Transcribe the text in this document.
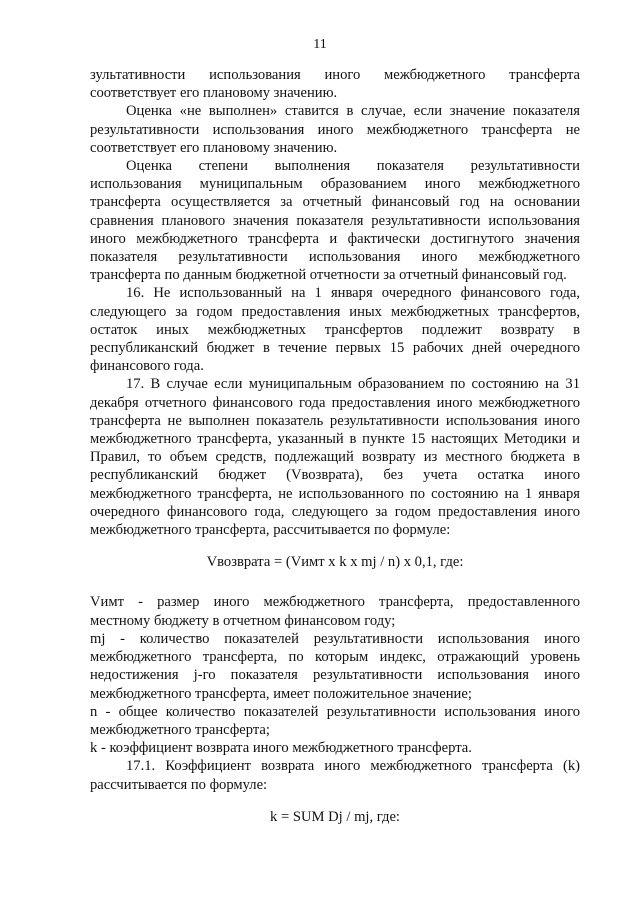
11

зультативности использования иного межбюджетного трансферта соответствует его плановому значению.

Оценка «не выполнен» ставится в случае, если значение показателя результативности использования иного межбюджетного трансферта не соответствует его плановому значению.

Оценка степени выполнения показателя результативности использования муниципальным образованием иного межбюджетного трансферта осуществляется за отчетный финансовый год на основании сравнения планового значения показателя результативности использования иного межбюджетного трансферта и фактически достигнутого значения показателя результативности использования иного межбюджетного трансферта по данным бюджетной отчетности за отчетный финансовый год.

16. Не использованный на 1 января очередного финансового года, следующего за годом предоставления иных межбюджетных трансфертов, остаток иных межбюджетных трансфертов подлежит возврату в республиканский бюджет в течение первых 15 рабочих дней очередного финансового года.

17. В случае если муниципальным образованием по состоянию на 31 декабря отчетного финансового года предоставления иного межбюджетного трансферта не выполнен показатель результативности использования иного межбюджетного трансферта, указанный в пункте 15 настоящих Методики и Правил, то объем средств, подлежащий возврату из местного бюджета в республиканский бюджет (Vвозврата), без учета остатка иного межбюджетного трансферта, не использованного по состоянию на 1 января очередного финансового года, следующего за годом предоставления иного межбюджетного трансферта, рассчитывается по формуле:

Vвозврата = (Vимт x k x mj / n) x 0,1, где:

Vимт - размер иного межбюджетного трансферта, предоставленного местному бюджету в отчетном финансовом году;

mj - количество показателей результативности использования иного межбюджетного трансферта, по которым индекс, отражающий уровень недостижения j-го показателя результативности использования иного межбюджетного трансферта, имеет положительное значение;

n - общее количество показателей результативности использования иного межбюджетного трансферта;

k - коэффициент возврата иного межбюджетного трансферта.

17.1. Коэффициент возврата иного межбюджетного трансферта (k) рассчитывается по формуле:

k = SUM Dj / mj, где:
